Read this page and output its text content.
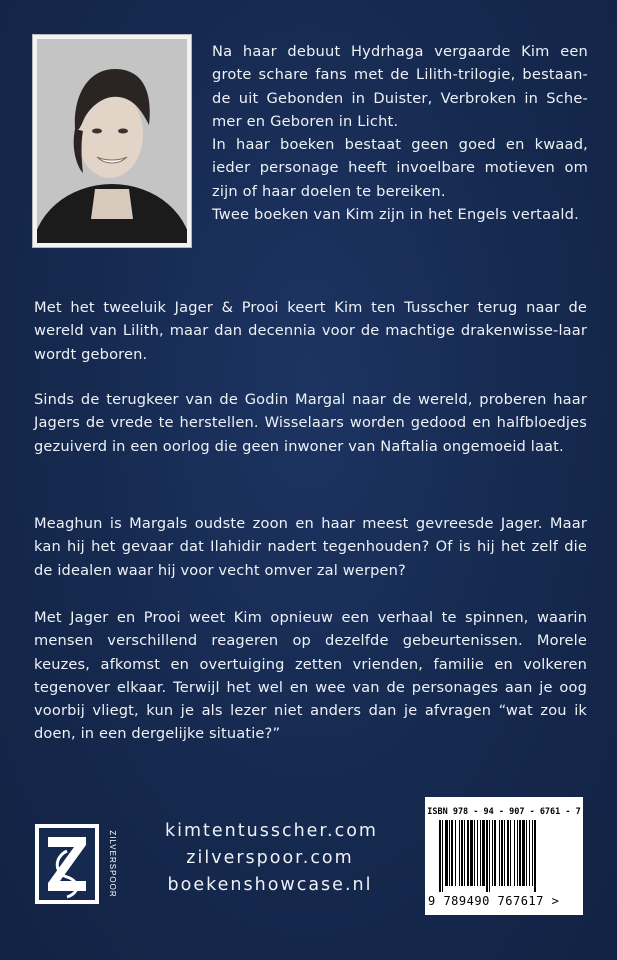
Na haar debuut Hydrhaga vergaarde Kim een grote schare fans met de Lilith-trilogie, bestaan-de uit Gebonden in Duister, Verbroken in Sche-mer en Geboren in Licht.

In haar boeken bestaat geen goed en kwaad, ieder personage heeft invoelbare motieven om zijn of haar doelen te bereiken.

Twee boeken van Kim zijn in het Engels vertaald.

Met het tweeluik Jager & Prooi keert Kim ten Tusscher terug naar de wereld van Lilith, maar dan decennia voor de machtige drakenwisse-laar wordt geboren.

Sinds de terugkeer van de Godin Margal naar de wereld, proberen haar Jagers de vrede te herstellen. Wisselaars worden gedood en halfbloedjes gezuiverd in een oorlog die geen inwoner van Naftalia ongemoeid laat.

Meaghun is Margals oudste zoon en haar meest gevreesde Jager. Maar kan hij het gevaar dat Ilahidir nadert tegenhouden? Of is hij het zelf die de idealen waar hij voor vecht omver zal werpen?

Met Jager en Prooi weet Kim opnieuw een verhaal te spinnen, waarin mensen verschillend reageren op dezelfde gebeurtenissen. Morele keuzes, afkomst en overtuiging zetten vrienden, familie en volkeren tegenover elkaar. Terwijl het wel en wee van de personages aan je oog voorbij vliegt, kun je als lezer niet anders dan je afvragen “wat zou ik doen, in een dergelijke situatie?”

ZILVERSPOOR	kimtentusscher.com
zilverspoor.com
boekenshowcase.nl
ISBN 978 - 94 - 907 - 6761 - 7
9 789490 767617 >
